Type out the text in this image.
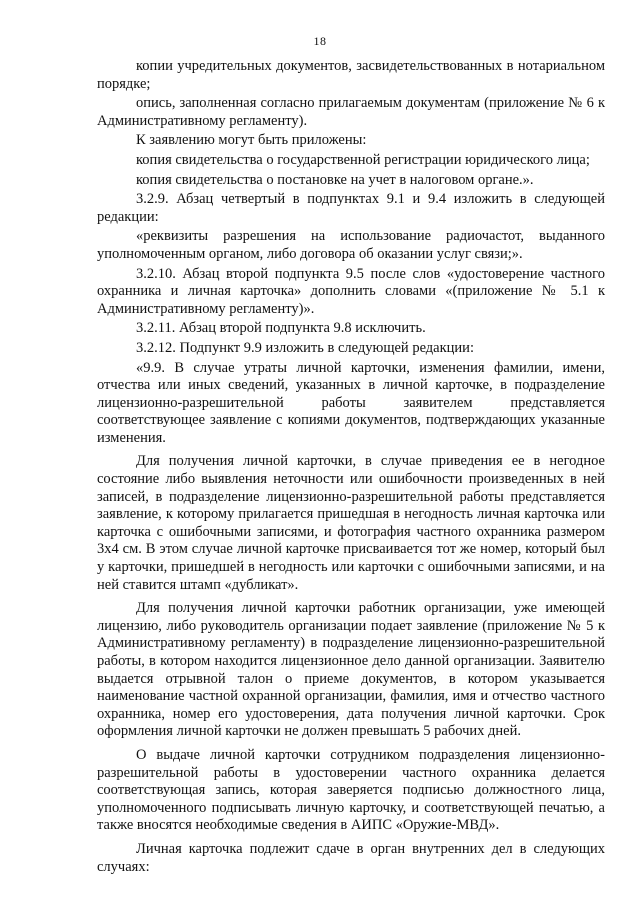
18

копии учредительных документов, засвидетельствованных в нотариальном порядке;

опись, заполненная согласно прилагаемым документам (приложение № 6 к Административному регламенту).

К заявлению могут быть приложены:

копия свидетельства о государственной регистрации юридического лица;

копия свидетельства о постановке на учет в налоговом органе.».

3.2.9. Абзац четвертый в подпунктах 9.1 и 9.4 изложить в следующей редакции:

«реквизиты разрешения на использование радиочастот, выданного уполномоченным органом, либо договора об оказании услуг связи;».

3.2.10. Абзац второй подпункта 9.5 после слов «удостоверение частного охранника и личная карточка» дополнить словами «(приложение № 5.1 к Административному регламенту)».

3.2.11. Абзац второй подпункта 9.8 исключить.

3.2.12. Подпункт 9.9 изложить в следующей редакции:

«9.9. В случае утраты личной карточки, изменения фамилии, имени, отчества или иных сведений, указанных в личной карточке, в подразделение лицензионно-разрешительной работы заявителем представляется соответствующее заявление с копиями документов, подтверждающих указанные изменения.

Для получения личной карточки, в случае приведения ее в негодное состояние либо выявления неточности или ошибочности произведенных в ней записей, в подразделение лицензионно-разрешительной работы представляется заявление, к которому прилагается пришедшая в негодность личная карточка или карточка с ошибочными записями, и фотография частного охранника размером 3x4 см. В этом случае личной карточке присваивается тот же номер, который был у карточки, пришедшей в негодность или карточки с ошибочными записями, и на ней ставится штамп «дубликат».

Для получения личной карточки работник организации, уже имеющей лицензию, либо руководитель организации подает заявление (приложение № 5 к Административному регламенту) в подразделение лицензионно-разрешительной работы, в котором находится лицензионное дело данной организации. Заявителю выдается отрывной талон о приеме документов, в котором указывается наименование частной охранной организации, фамилия, имя и отчество частного охранника, номер его удостоверения, дата получения личной карточки. Срок оформления личной карточки не должен превышать 5 рабочих дней.

О выдаче личной карточки сотрудником подразделения лицензионно-разрешительной работы в удостоверении частного охранника делается соответствующая запись, которая заверяется подписью должностного лица, уполномоченного подписывать личную карточку, и соответствующей печатью, а также вносятся необходимые сведения в АИПС «Оружие-МВД».

Личная карточка подлежит сдаче в орган внутренних дел в следующих случаях:
